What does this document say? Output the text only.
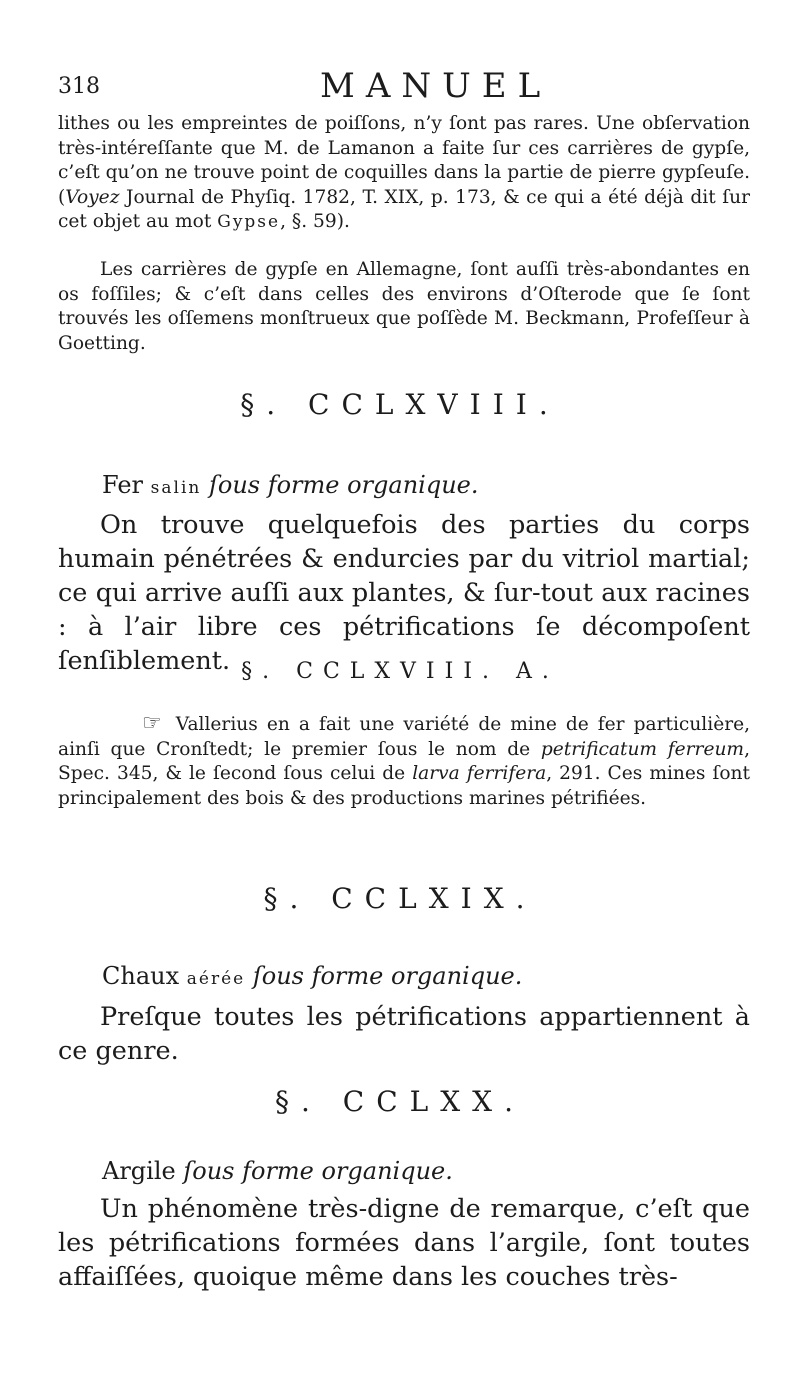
318	MANUEL

lithes ou les empreintes de poiſſons, n’y ſont pas rares. Une obſervation très-intéreſſante que M. de Lamanon a faite ſur ces carrières de gypſe, c’eſt qu’on ne trouve point de coquilles dans la partie de pierre gypſeuſe. (Voyez Journal de Phyſiq. 1782, T. XIX, p. 173, & ce qui a été déjà dit ſur cet objet au mot Gypse, §. 59).

Les carrières de gypſe en Allemagne, ſont auſſi très-abondantes en os foſſiles; & c’eſt dans celles des environs d’Oſterode que ſe ſont trouvés les oſſemens monſtrueux que poſſède M. Beckmann, Profeſſeur à Goetting.

§. CCLXVIII.
Fer salin ſous forme organique.

On trouve quelquefois des parties du corps humain pénétrées & endurcies par du vitriol martial; ce qui arrive auſſi aux plantes, & ſur-tout aux racines : à l’air libre ces pétrifications ſe décompoſent ſenſiblement. §. CCLXVIII. A.

☞ Vallerius en a fait une variété de mine de fer particulière, ainſi que Cronſtedt; le premier ſous le nom de petrificatum ferreum, Spec. 345, & le ſecond ſous celui de larva ferrifera, 291. Ces mines ſont principalement des bois & des productions marines pétrifiées.

§. CCLXIX.
Chaux aérée ſous forme organique.

Preſque toutes les pétrifications appartiennent à ce genre.

§. CCLXX.
Argile ſous forme organique.

Un phénomène très-digne de remarque, c’eſt que les pétrifications formées dans l’argile, ſont toutes affaiſſées, quoique même dans les couches très-
